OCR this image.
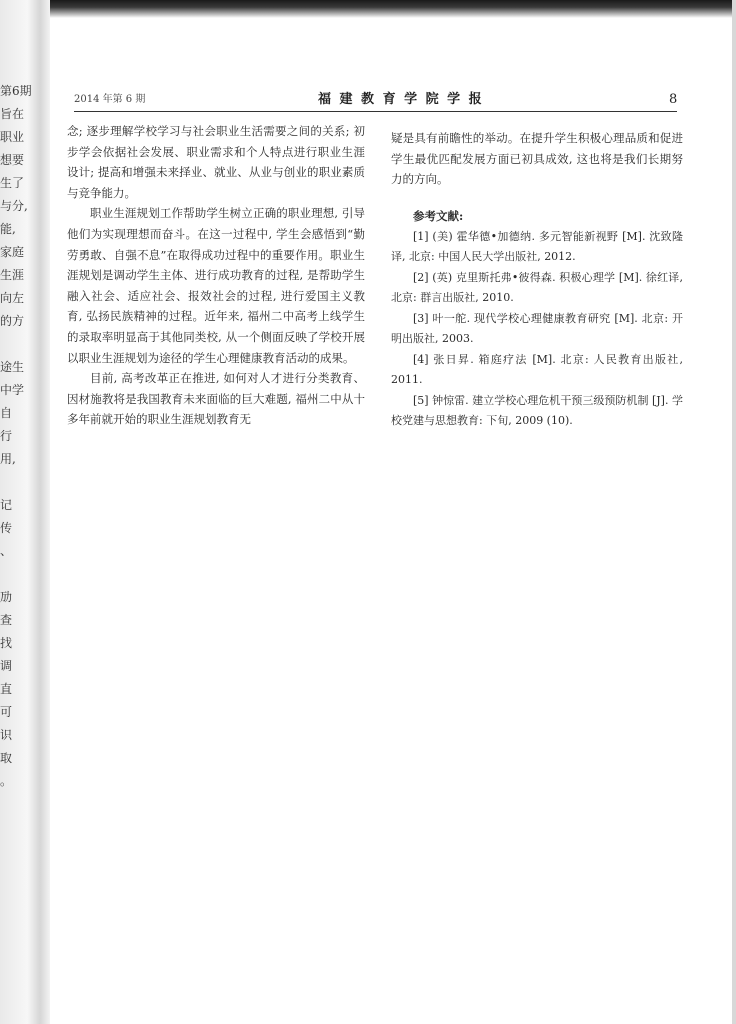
第6期
旨在
职业
想要
生了
与分,
能,
家庭
生涯
向左
的方

途生
中学
自
行
用,

记
传
、

劢
查
找
调
直
可
识
取
。
2014 年第 6 期	福 建 教 育 学 院 学 报	8

念; 逐步理解学校学习与社会职业生活需要之间的关系; 初步学会依据社会发展、职业需求和个人特点进行职业生涯设计; 提高和增强未来择业、就业、从业与创业的职业素质与竞争能力。

职业生涯规划工作帮助学生树立正确的职业理想, 引导他们为实现理想而奋斗。在这一过程中, 学生会感悟到“勤劳勇敢、自强不息”在取得成功过程中的重要作用。职业生涯规划是调动学生主体、进行成功教育的过程, 是帮助学生融入社会、适应社会、报效社会的过程, 进行爱国主义教育, 弘扬民族精神的过程。近年来, 福州二中高考上线学生的录取率明显高于其他同类校, 从一个侧面反映了学校开展以职业生涯规划为途径的学生心理健康教育活动的成果。

目前, 高考改革正在推进, 如何对人才进行分类教育、因材施教将是我国教育未来面临的巨大难题, 福州二中从十多年前就开始的职业生涯规划教育无

疑是具有前瞻性的举动。在提升学生积极心理品质和促进学生最优匹配发展方面已初具成效, 这也将是我们长期努力的方向。

参考文献:

[1] (美) 霍华德•加德纳. 多元智能新视野 [M]. 沈致隆译, 北京: 中国人民大学出版社, 2012.

[2] (英) 克里斯托弗•彼得森. 积极心理学 [M]. 徐红译, 北京: 群言出版社, 2010.

[3] 叶一舵. 现代学校心理健康教育研究 [M]. 北京: 开明出版社, 2003.

[4] 张日昇. 箱庭疗法 [M]. 北京: 人民教育出版社, 2011.

[5] 钟惊雷. 建立学校心理危机干预三级预防机制 [J]. 学校党建与思想教育: 下旬, 2009 (10).
